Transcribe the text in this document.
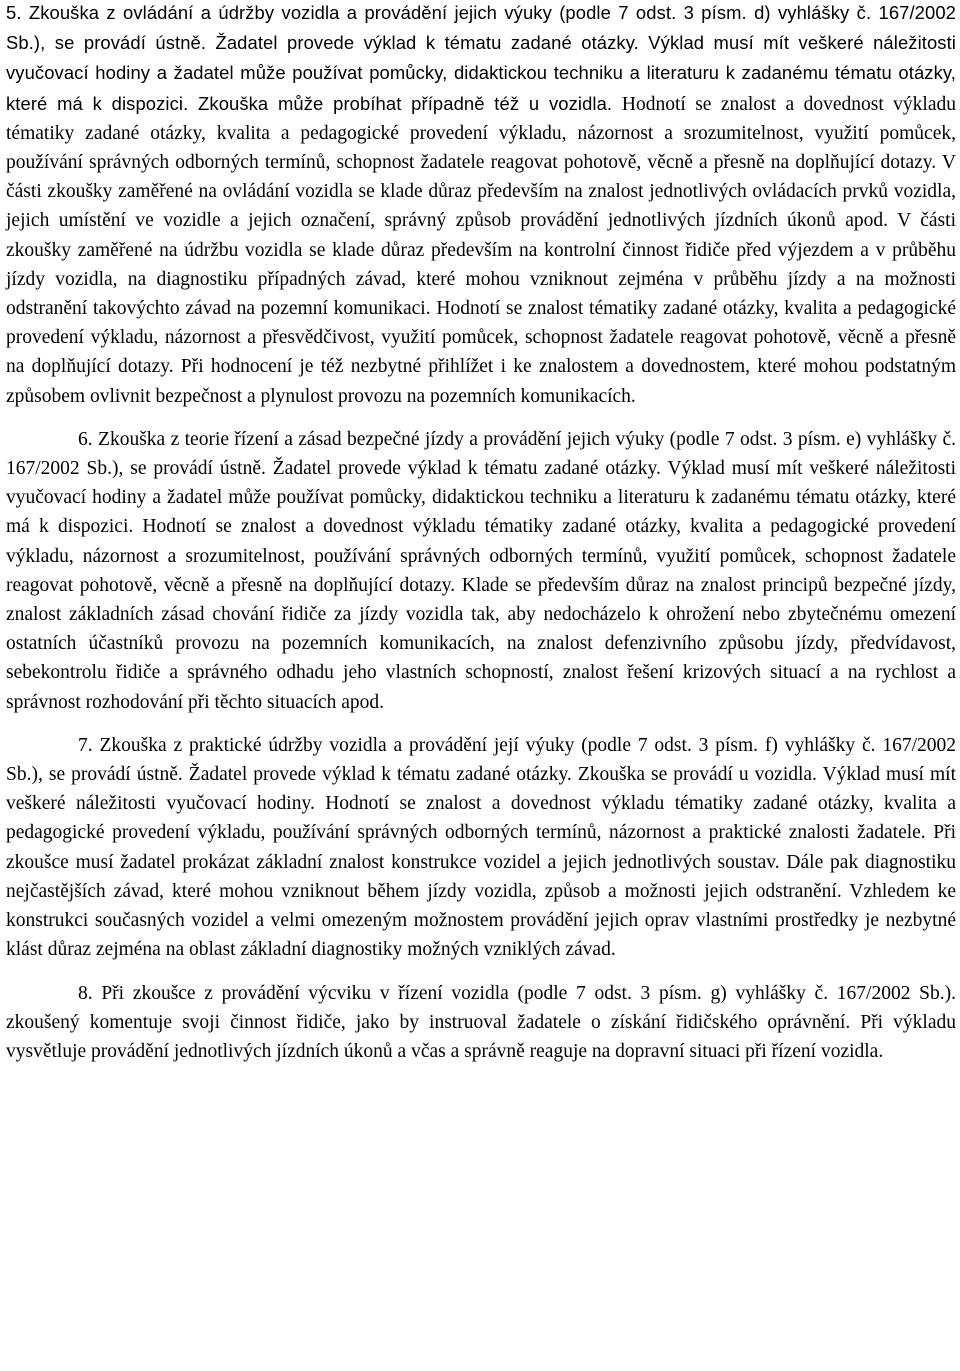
5. Zkouška z ovládání a údržby vozidla a provádění jejich výuky (podle 7 odst. 3 písm. d) vyhlášky č. 167/2002 Sb.), se provádí ústně. Žadatel provede výklad k tématu zadané otázky. Výklad musí mít veškeré náležitosti vyučovací hodiny a žadatel může používat pomůcky, didaktickou techniku a literaturu k zadanému tématu otázky, které má k dispozici. Zkouška může probíhat případně též u vozidla. Hodnotí se znalost a dovednost výkladu tématiky zadané otázky, kvalita a pedagogické provedení výkladu, názornost a srozumitelnost, využití pomůcek, používání správných odborných termínů, schopnost žadatele reagovat pohotově, věcně a přesně na doplňující dotazy. V části zkoušky zaměřené na ovládání vozidla se klade důraz především na znalost jednotlivých ovládacích prvků vozidla, jejich umístění ve vozidle a jejich označení, správný způsob provádění jednotlivých jízdních úkonů apod. V části zkoušky zaměřené na údržbu vozidla se klade důraz především na kontrolní činnost řidiče před výjezdem a v průběhu jízdy vozidla, na diagnostiku případných závad, které mohou vzniknout zejména v průběhu jízdy a na možnosti odstranění takovýchto závad na pozemní komunikaci. Hodnotí se znalost tématiky zadané otázky, kvalita a pedagogické provedení výkladu, názornost a přesvědčivost, využití pomůcek, schopnost žadatele reagovat pohotově, věcně a přesně na doplňující dotazy. Při hodnocení je též nezbytné přihlížet i ke znalostem a dovednostem, které mohou podstatným způsobem ovlivnit bezpečnost a plynulost provozu na pozemních komunikacích.

6. Zkouška z teorie řízení a zásad bezpečné jízdy a provádění jejich výuky (podle 7 odst. 3 písm. e) vyhlášky č. 167/2002 Sb.), se provádí ústně. Žadatel provede výklad k tématu zadané otázky. Výklad musí mít veškeré náležitosti vyučovací hodiny a žadatel může používat pomůcky, didaktickou techniku a literaturu k zadanému tématu otázky, které má k dispozici. Hodnotí se znalost a dovednost výkladu tématiky zadané otázky, kvalita a pedagogické provedení výkladu, názornost a srozumitelnost, používání správných odborných termínů, využití pomůcek, schopnost žadatele reagovat pohotově, věcně a přesně na doplňující dotazy. Klade se především důraz na znalost principů bezpečné jízdy, znalost základních zásad chování řidiče za jízdy vozidla tak, aby nedocházelo k ohrožení nebo zbytečnému omezení ostatních účastníků provozu na pozemních komunikacích, na znalost defenzivního způsobu jízdy, předvídavost, sebekontrolu řidiče a správného odhadu jeho vlastních schopností, znalost řešení krizových situací a na rychlost a správnost rozhodování při těchto situacích apod.

7. Zkouška z praktické údržby vozidla a provádění její výuky (podle 7 odst. 3 písm. f) vyhlášky č. 167/2002 Sb.), se provádí ústně. Žadatel provede výklad k tématu zadané otázky. Zkouška se provádí u vozidla. Výklad musí mít veškeré náležitosti vyučovací hodiny. Hodnotí se znalost a dovednost výkladu tématiky zadané otázky, kvalita a pedagogické provedení výkladu, používání správných odborných termínů, názornost a praktické znalosti žadatele. Při zkoušce musí žadatel prokázat základní znalost konstrukce vozidel a jejich jednotlivých soustav. Dále pak diagnostiku nejčastějších závad, které mohou vzniknout během jízdy vozidla, způsob a možnosti jejich odstranění. Vzhledem ke konstrukci současných vozidel a velmi omezeným možnostem provádění jejich oprav vlastními prostředky je nezbytné klást důraz zejména na oblast základní diagnostiky možných vzniklých závad.

8. Při zkoušce z provádění výcviku v řízení vozidla (podle 7 odst. 3 písm. g) vyhlášky č. 167/2002 Sb.). zkoušený komentuje svoji činnost řidiče, jako by instruoval žadatele o získání řidičského oprávnění. Při výkladu vysvětluje provádění jednotlivých jízdních úkonů a včas a správně reaguje na dopravní situaci při řízení vozidla.
